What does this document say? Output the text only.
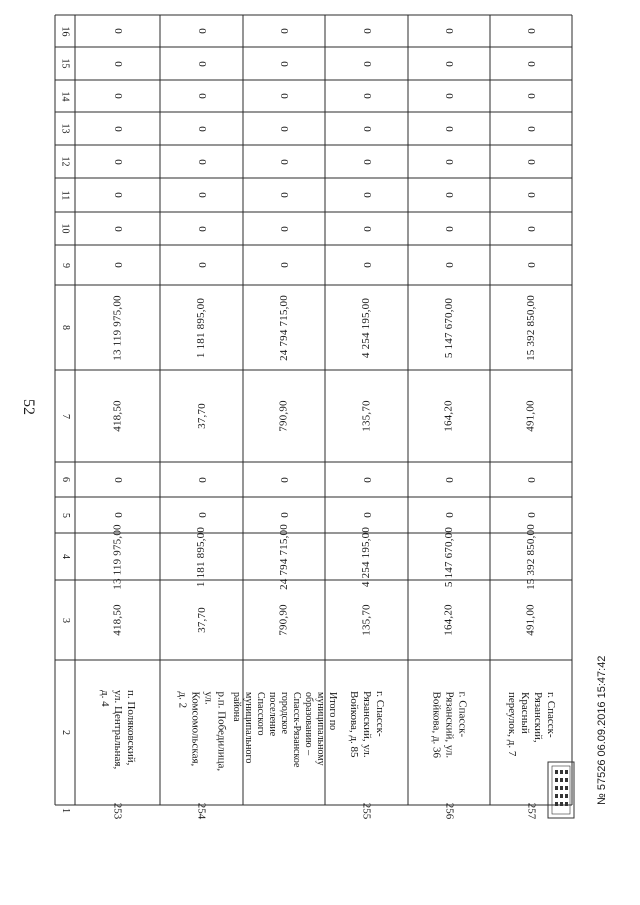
52
16
15
14
13
12
11
10
9
8
7
6
5
4
3
2
1
0
0
0
0
0
0
0
0
13 119 975,00
418,50
0
0
13 119 975,00
418,50
п. Поляковский, ул. Центральная, д. 4
253
0
0
0
0
0
0
0
0
1 181 895,00
37,70
0
0
1 181 895,00
37,70
р.п. Победилица, ул. Комсомольская, д. 2
254
0
0
0
0
0
0
0
0
24 794 715,00
790,90
0
0
24 794 715,00
790,90
Итого по муниципальному образованию – Спасск-Рязанское городское поселение Спасского муниципального района
0
0
0
0
0
0
0
0
4 254 195,00
135,70
0
0
4 254 195,00
135,70
г. Спасск-Рязанский, ул. Войкова, д. 85
255
0
0
0
0
0
0
0
0
5 147 670,00
164,20
0
0
5 147 670,00
164,20
г. Спасск-Рязанский, ул. Войкова, д. 36
256
0
0
0
0
0
0
0
0
15 392 850,00
491,00
0
0
15 392 850,00
491,00
г. Спасск-Рязанский, Красный переулок, д. 7
257
№ 57526 06.09.2016 15:47:42
